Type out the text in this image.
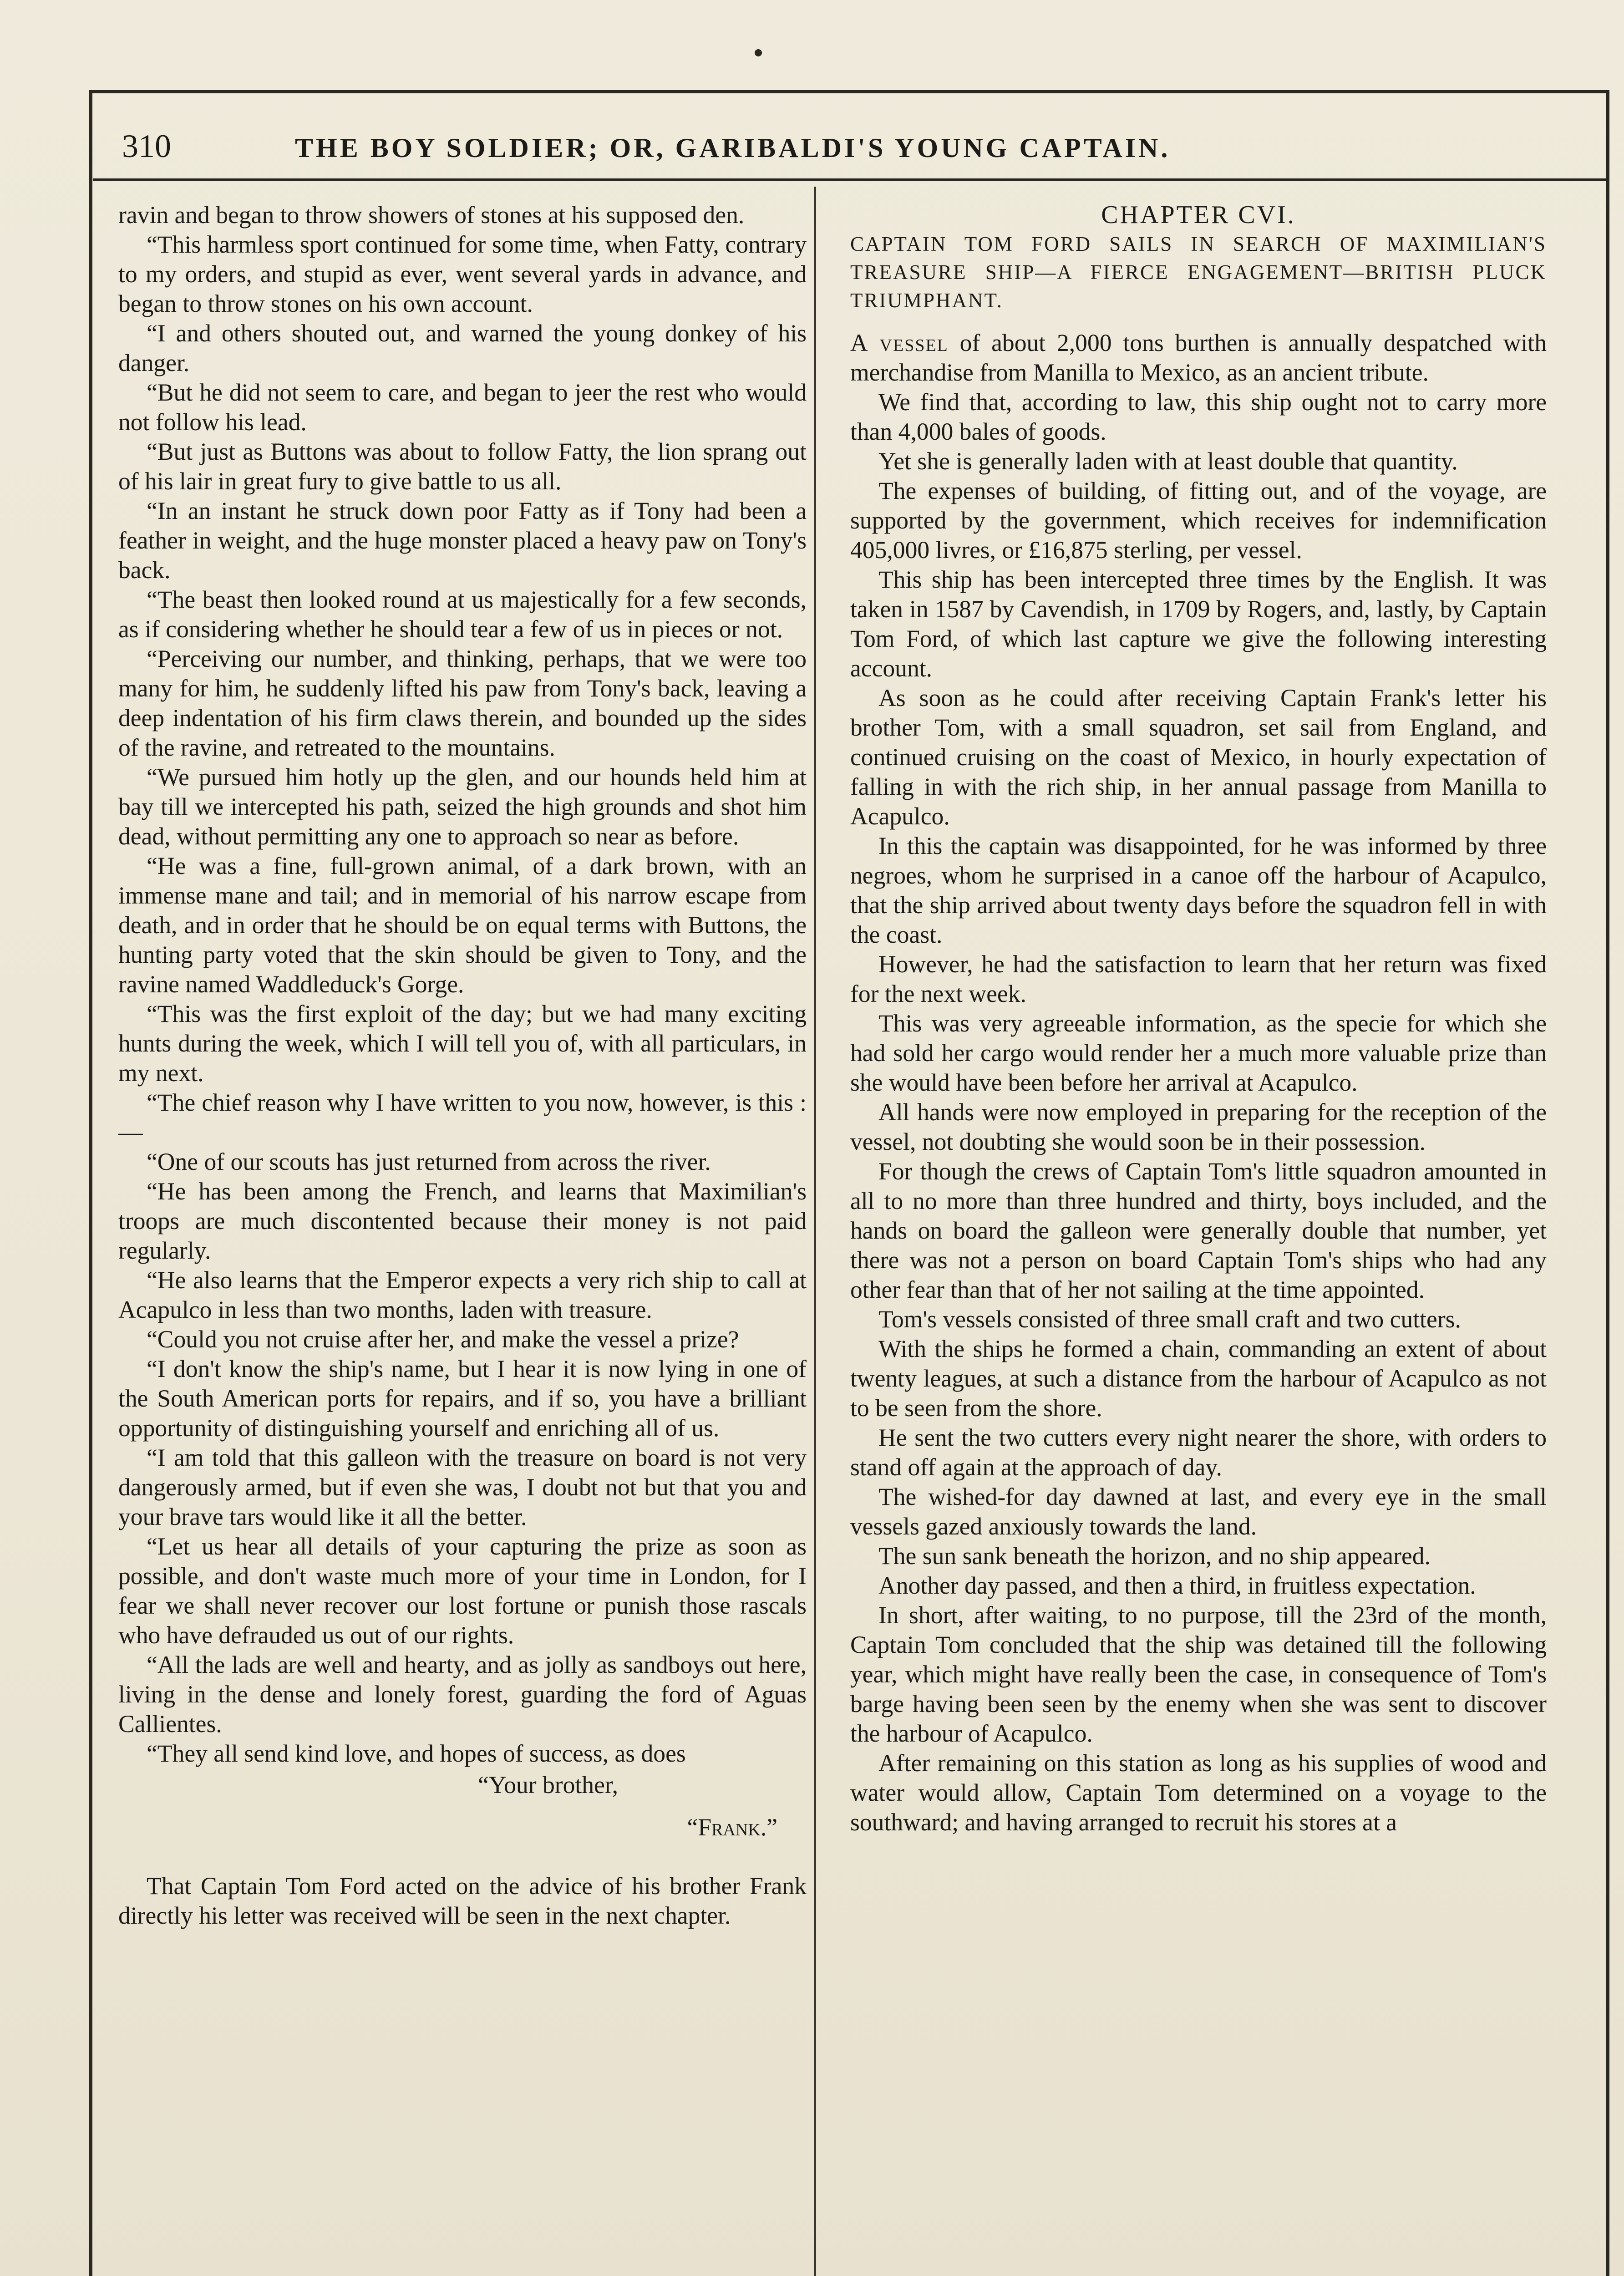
310	THE BOY SOLDIER; OR, GARIBALDI'S YOUNG CAPTAIN.

ravin and began to throw showers of stones at his supposed den.

“This harmless sport continued for some time, when Fatty, contrary to my orders, and stupid as ever, went several yards in advance, and began to throw stones on his own account.

“I and others shouted out, and warned the young donkey of his danger.

“But he did not seem to care, and began to jeer the rest who would not follow his lead.

“But just as Buttons was about to follow Fatty, the lion sprang out of his lair in great fury to give battle to us all.

“In an instant he struck down poor Fatty as if Tony had been a feather in weight, and the huge monster placed a heavy paw on Tony's back.

“The beast then looked round at us majestically for a few seconds, as if considering whether he should tear a few of us in pieces or not.

“Perceiving our number, and thinking, perhaps, that we were too many for him, he suddenly lifted his paw from Tony's back, leaving a deep indentation of his firm claws therein, and bounded up the sides of the ravine, and retreated to the mountains.

“We pursued him hotly up the glen, and our hounds held him at bay till we intercepted his path, seized the high grounds and shot him dead, without permitting any one to approach so near as before.

“He was a fine, full-grown animal, of a dark brown, with an immense mane and tail; and in memorial of his narrow escape from death, and in order that he should be on equal terms with Buttons, the hunting party voted that the skin should be given to Tony, and the ravine named Waddleduck's Gorge.

“This was the first exploit of the day; but we had many exciting hunts during the week, which I will tell you of, with all particulars, in my next.

“The chief reason why I have written to you now, however, is this :—

“One of our scouts has just returned from across the river.

“He has been among the French, and learns that Maximilian's troops are much discontented because their money is not paid regularly.

“He also learns that the Emperor expects a very rich ship to call at Acapulco in less than two months, laden with treasure.

“Could you not cruise after her, and make the vessel a prize?

“I don't know the ship's name, but I hear it is now lying in one of the South American ports for repairs, and if so, you have a brilliant opportunity of distinguishing yourself and enriching all of us.

“I am told that this galleon with the treasure on board is not very dangerously armed, but if even she was, I doubt not but that you and your brave tars would like it all the better.

“Let us hear all details of your capturing the prize as soon as possible, and don't waste much more of your time in London, for I fear we shall never recover our lost fortune or punish those rascals who have defrauded us out of our rights.

“All the lads are well and hearty, and as jolly as sandboys out here, living in the dense and lonely forest, guarding the ford of Aguas Callientes.

“They all send kind love, and hopes of success, as does

“Your brother,

“Frank.”

That Captain Tom Ford acted on the advice of his brother Frank directly his letter was received will be seen in the next chapter.

CHAPTER CVI.

CAPTAIN TOM FORD SAILS IN SEARCH OF MAXIMILIAN'S TREASURE SHIP—A FIERCE ENGAGEMENT—BRITISH PLUCK TRIUMPHANT.

A vessel of about 2,000 tons burthen is annually despatched with merchandise from Manilla to Mexico, as an ancient tribute.

We find that, according to law, this ship ought not to carry more than 4,000 bales of goods.

Yet she is generally laden with at least double that quantity.

The expenses of building, of fitting out, and of the voyage, are supported by the government, which receives for indemnification 405,000 livres, or £16,875 sterling, per vessel.

This ship has been intercepted three times by the English. It was taken in 1587 by Cavendish, in 1709 by Rogers, and, lastly, by Captain Tom Ford, of which last capture we give the following interesting account.

As soon as he could after receiving Captain Frank's letter his brother Tom, with a small squadron, set sail from England, and continued cruising on the coast of Mexico, in hourly expectation of falling in with the rich ship, in her annual passage from Manilla to Acapulco.

In this the captain was disappointed, for he was informed by three negroes, whom he surprised in a canoe off the harbour of Acapulco, that the ship arrived about twenty days before the squadron fell in with the coast.

However, he had the satisfaction to learn that her return was fixed for the next week.

This was very agreeable information, as the specie for which she had sold her cargo would render her a much more valuable prize than she would have been before her arrival at Acapulco.

All hands were now employed in preparing for the reception of the vessel, not doubting she would soon be in their possession.

For though the crews of Captain Tom's little squadron amounted in all to no more than three hundred and thirty, boys included, and the hands on board the galleon were generally double that number, yet there was not a person on board Captain Tom's ships who had any other fear than that of her not sailing at the time appointed.

Tom's vessels consisted of three small craft and two cutters.

With the ships he formed a chain, commanding an extent of about twenty leagues, at such a distance from the harbour of Acapulco as not to be seen from the shore.

He sent the two cutters every night nearer the shore, with orders to stand off again at the approach of day.

The wished-for day dawned at last, and every eye in the small vessels gazed anxiously towards the land.

The sun sank beneath the horizon, and no ship appeared.

Another day passed, and then a third, in fruitless expectation.

In short, after waiting, to no purpose, till the 23rd of the month, Captain Tom concluded that the ship was detained till the following year, which might have really been the case, in consequence of Tom's barge having been seen by the enemy when she was sent to discover the harbour of Acapulco.

After remaining on this station as long as his supplies of wood and water would allow, Captain Tom determined on a voyage to the southward; and having arranged to recruit his stores at a
